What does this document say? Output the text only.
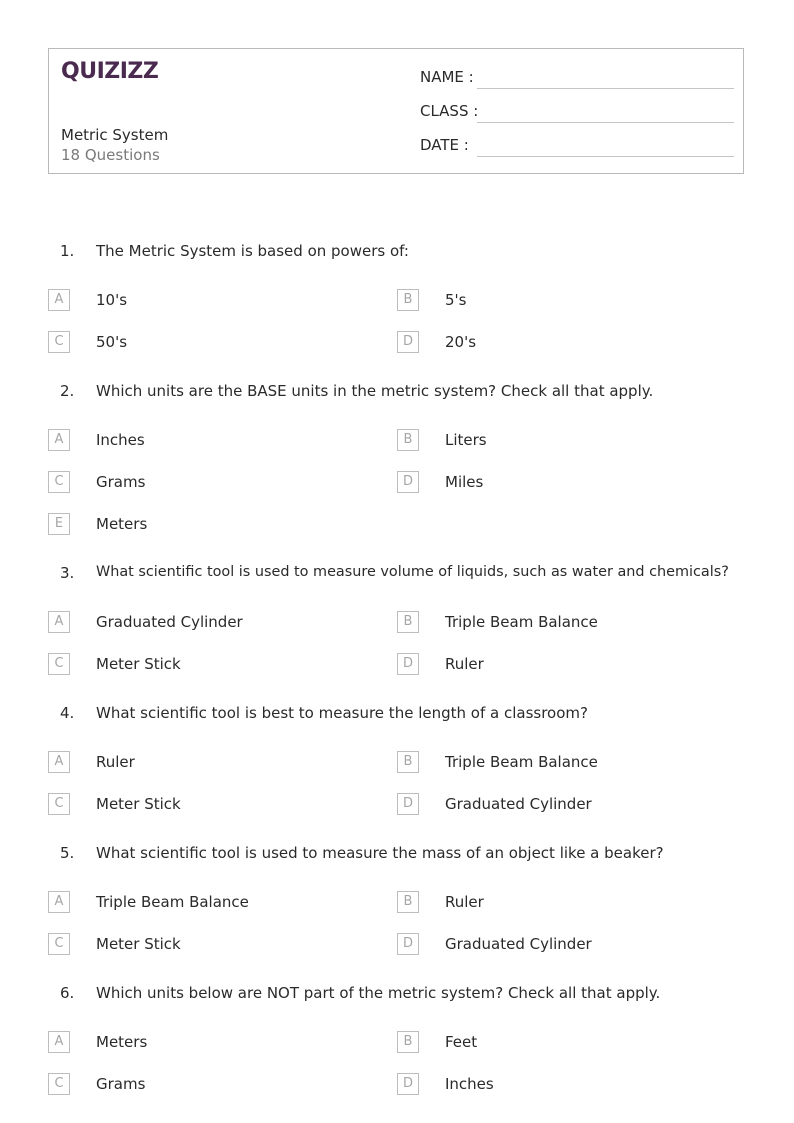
QUIZIZZ
Metric System
18 Questions
NAME :
CLASS :
DATE :
1. The Metric System is based on powers of:
A	10's	B	5's
C	50's	D	20's
2. Which units are the BASE units in the metric system? Check all that apply.
A	Inches	B	Liters
C	Grams	D	Miles
E	Meters
3. What scientific tool is used to measure volume of liquids, such as water and chemicals?
A	Graduated Cylinder	B	Triple Beam Balance
C	Meter Stick	D	Ruler
4. What scientific tool is best to measure the length of a classroom?
A	Ruler	B	Triple Beam Balance
C	Meter Stick	D	Graduated Cylinder
5. What scientific tool is used to measure the mass of an object like a beaker?
A	Triple Beam Balance	B	Ruler
C	Meter Stick	D	Graduated Cylinder
6. Which units below are NOT part of the metric system? Check all that apply.
A	Meters	B	Feet
C	Grams	D	Inches
